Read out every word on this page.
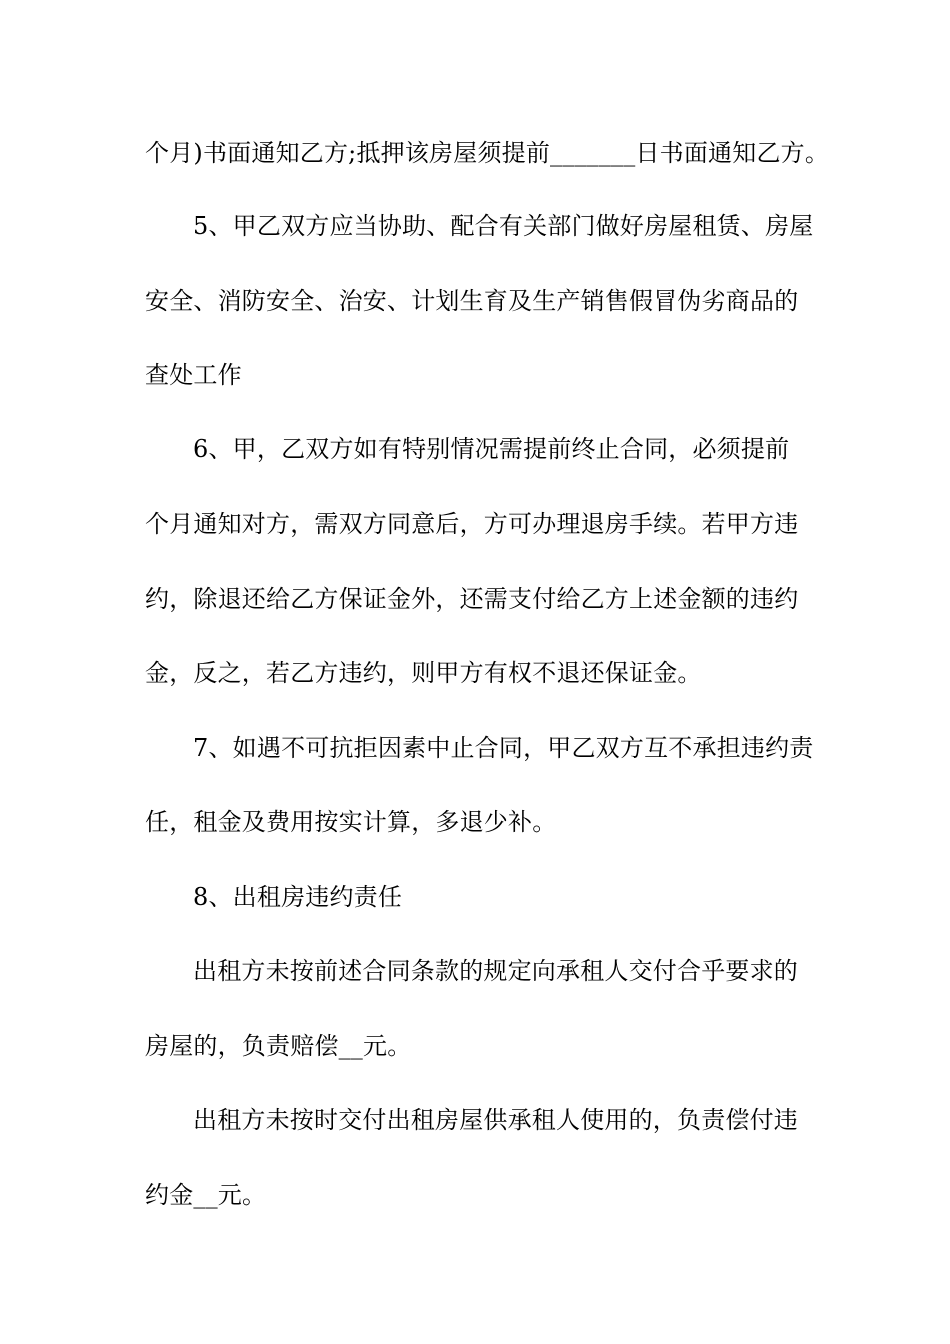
个月)书面通知乙方;抵押该房屋须提前_______日书面通知乙方。
5、甲乙双方应当协助、配合有关部门做好房屋租赁、房屋
安全、消防安全、治安、计划生育及生产销售假冒伪劣商品的
查处工作
6、甲，乙双方如有特别情况需提前终止合同，必须提前
个月通知对方，需双方同意后，方可办理退房手续。若甲方违
约，除退还给乙方保证金外，还需支付给乙方上述金额的违约
金，反之，若乙方违约，则甲方有权不退还保证金。
7、如遇不可抗拒因素中止合同，甲乙双方互不承担违约责
任，租金及费用按实计算，多退少补。
8、出租房违约责任
出租方未按前述合同条款的规定向承租人交付合乎要求的
房屋的，负责赔偿__元。
出租方未按时交付出租房屋供承租人使用的，负责偿付违
约金__元。
